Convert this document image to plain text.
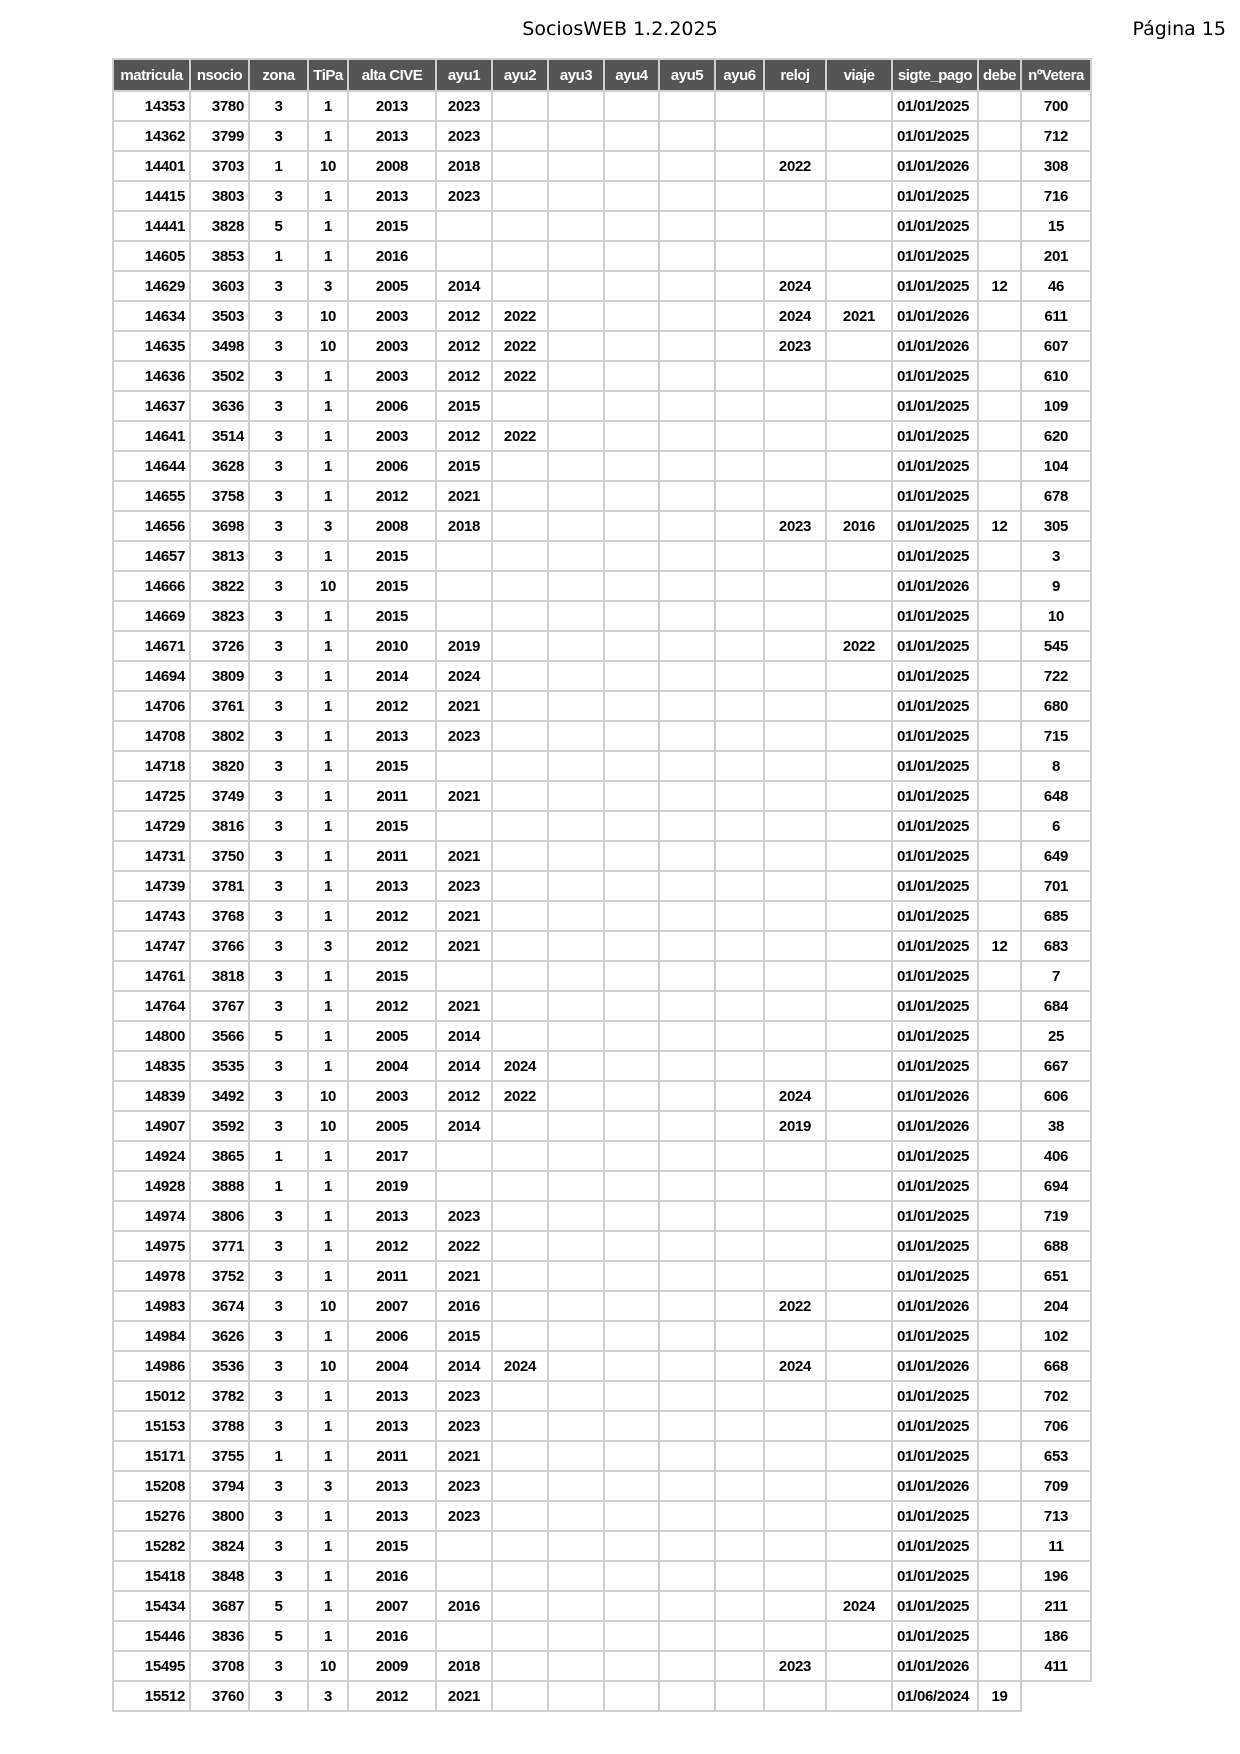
SociosWEB 1.2.2025	Página 15
matricula	nsocio	zona	TiPa	alta CIVE	ayu1	ayu2	ayu3	ayu4	ayu5	ayu6	reloj	viaje	sigte_pago	debe	nºVetera
14353	3780	3	1	2013	2023								01/01/2025		700
14362	3799	3	1	2013	2023								01/01/2025		712
14401	3703	1	10	2008	2018						2022		01/01/2026		308
14415	3803	3	1	2013	2023								01/01/2025		716
14441	3828	5	1	2015									01/01/2025		15
14605	3853	1	1	2016									01/01/2025		201
14629	3603	3	3	2005	2014						2024		01/01/2025	12	46
14634	3503	3	10	2003	2012	2022					2024	2021	01/01/2026		611
14635	3498	3	10	2003	2012	2022					2023		01/01/2026		607
14636	3502	3	1	2003	2012	2022							01/01/2025		610
14637	3636	3	1	2006	2015								01/01/2025		109
14641	3514	3	1	2003	2012	2022							01/01/2025		620
14644	3628	3	1	2006	2015								01/01/2025		104
14655	3758	3	1	2012	2021								01/01/2025		678
14656	3698	3	3	2008	2018						2023	2016	01/01/2025	12	305
14657	3813	3	1	2015									01/01/2025		3
14666	3822	3	10	2015									01/01/2026		9
14669	3823	3	1	2015									01/01/2025		10
14671	3726	3	1	2010	2019							2022	01/01/2025		545
14694	3809	3	1	2014	2024								01/01/2025		722
14706	3761	3	1	2012	2021								01/01/2025		680
14708	3802	3	1	2013	2023								01/01/2025		715
14718	3820	3	1	2015									01/01/2025		8
14725	3749	3	1	2011	2021								01/01/2025		648
14729	3816	3	1	2015									01/01/2025		6
14731	3750	3	1	2011	2021								01/01/2025		649
14739	3781	3	1	2013	2023								01/01/2025		701
14743	3768	3	1	2012	2021								01/01/2025		685
14747	3766	3	3	2012	2021								01/01/2025	12	683
14761	3818	3	1	2015									01/01/2025		7
14764	3767	3	1	2012	2021								01/01/2025		684
14800	3566	5	1	2005	2014								01/01/2025		25
14835	3535	3	1	2004	2014	2024							01/01/2025		667
14839	3492	3	10	2003	2012	2022					2024		01/01/2026		606
14907	3592	3	10	2005	2014						2019		01/01/2026		38
14924	3865	1	1	2017									01/01/2025		406
14928	3888	1	1	2019									01/01/2025		694
14974	3806	3	1	2013	2023								01/01/2025		719
14975	3771	3	1	2012	2022								01/01/2025		688
14978	3752	3	1	2011	2021								01/01/2025		651
14983	3674	3	10	2007	2016						2022		01/01/2026		204
14984	3626	3	1	2006	2015								01/01/2025		102
14986	3536	3	10	2004	2014	2024					2024		01/01/2026		668
15012	3782	3	1	2013	2023								01/01/2025		702
15153	3788	3	1	2013	2023								01/01/2025		706
15171	3755	1	1	2011	2021								01/01/2025		653
15208	3794	3	3	2013	2023								01/01/2026		709
15276	3800	3	1	2013	2023								01/01/2025		713
15282	3824	3	1	2015									01/01/2025		11
15418	3848	3	1	2016									01/01/2025		196
15434	3687	5	1	2007	2016							2024	01/01/2025		211
15446	3836	5	1	2016									01/01/2025		186
15495	3708	3	10	2009	2018						2023		01/01/2026		411
15512	3760	3	3	2012	2021								01/06/2024	19	
